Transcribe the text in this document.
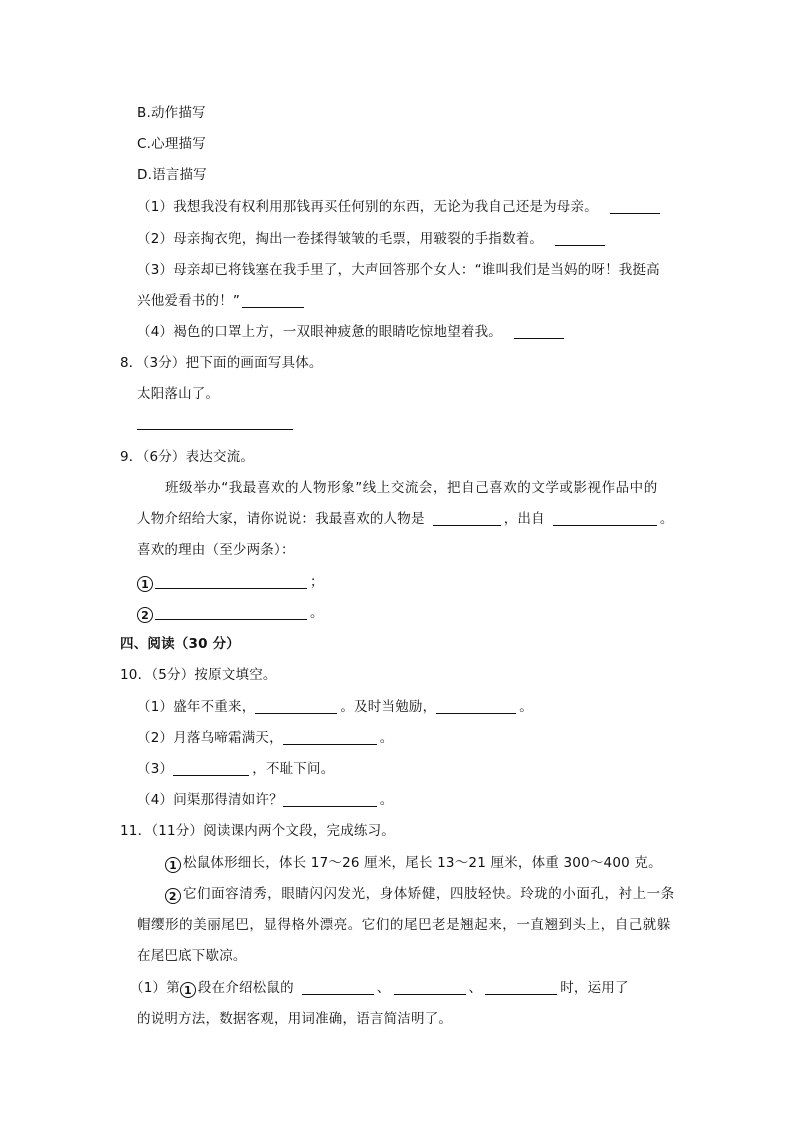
B.动作描写
C.心理描写
D.语言描写
（1）我想我没有权利用那钱再买任何别的东西，无论为我自己还是为母亲。
（2）母亲掏衣兜，掏出一卷揉得皱皱的毛票，用皲裂的手指数着。
（3）母亲却已将钱塞在我手里了，大声回答那个女人：“谁叫我们是当妈的呀！我挺高
兴他爱看书的！”
（4）褐色的口罩上方，一双眼神疲惫的眼睛吃惊地望着我。
8．（3分）把下面的画面写具体。
太阳落山了。
9．（6分）表达交流。
班级举办“我最喜欢的人物形象”线上交流会，把自己喜欢的文学或影视作品中的
人物介绍给大家，请你说说：我最喜欢的人物是	，出自	。
喜欢的理由（至少两条）：
1	；
2	。
四、阅读（30 分）
10．（5分）按原文填空。
（1）盛年不重来，	。及时当勉励，	。
（2）月落乌啼霜满天，	。
（3）	，不耻下问。
（4）问渠那得清如许？	。
11．（11分）阅读课内两个文段，完成练习。
1 松鼠体形细长，体长 17～26 厘米，尾长 13～21 厘米，体重 300～400 克。
2 它们面容清秀，眼睛闪闪发光，身体矫健，四肢轻快。玲珑的小面孔，衬上一条
帽缨形的美丽尾巴，显得格外漂亮。它们的尾巴老是翘起来，一直翘到头上，自己就躲
在尾巴底下歇凉。
（1）第 1 段在介绍松鼠的	、	、	时，运用了
的说明方法，数据客观，用词准确，语言简洁明了。
